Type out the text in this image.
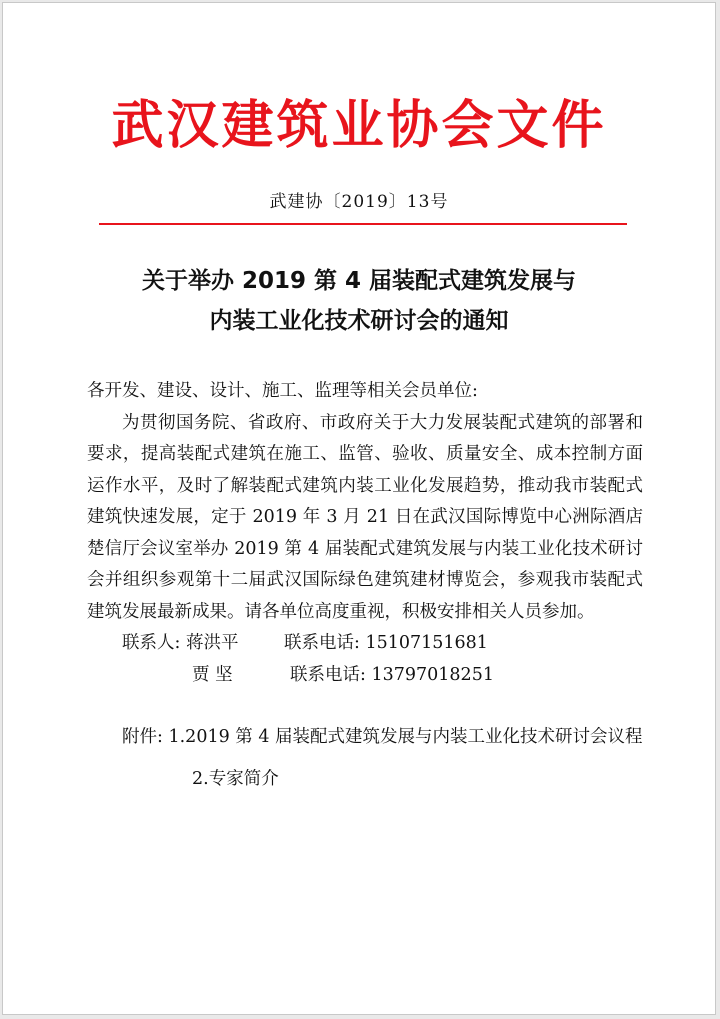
武汉建筑业协会文件
武建协〔2019〕13号
关于举办 2019 第 4 届装配式建筑发展与
内装工业化技术研讨会的通知

各开发、建设、设计、施工、监理等相关会员单位:

为贯彻国务院、省政府、市政府关于大力发展装配式建筑的部署和要求，提高装配式建筑在施工、监管、验收、质量安全、成本控制方面运作水平，及时了解装配式建筑内装工业化发展趋势，推动我市装配式建筑快速发展，定于 2019 年 3 月 21 日在武汉国际博览中心洲际酒店楚信厅会议室举办 2019 第 4 届装配式建筑发展与内装工业化技术研讨会并组织参观第十二届武汉国际绿色建筑建材博览会，参观我市装配式建筑发展最新成果。请各单位高度重视，积极安排相关人员参加。

联系人: 蒋洪平	联系电话: 15107151681

贾 坚	联系电话: 13797018251

附件: 1.2019 第 4 届装配式建筑发展与内装工业化技术研讨会议程

2.专家简介
